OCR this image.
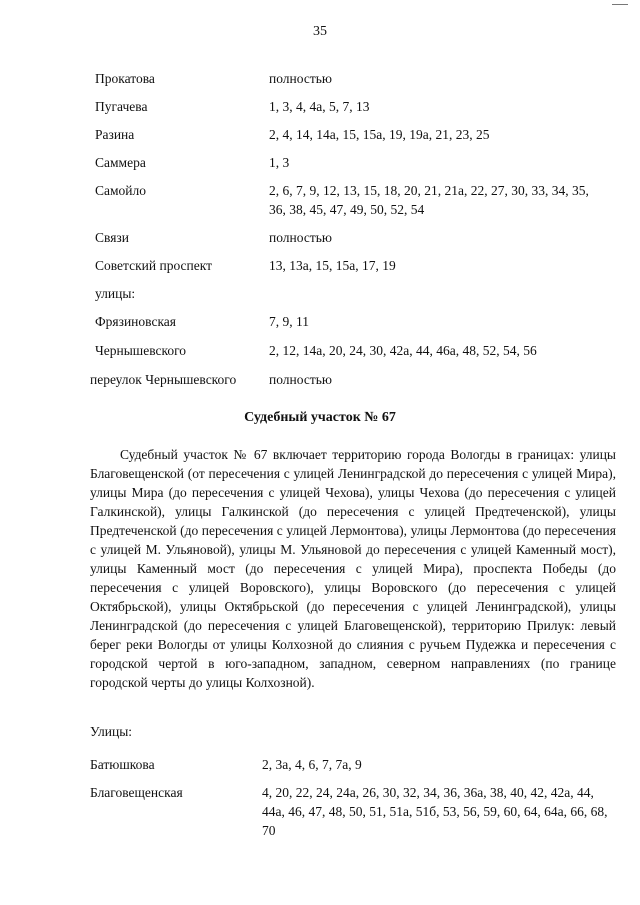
35
Прокатова	полностью
Пугачева	1, 3, 4, 4а, 5, 7, 13
Разина	2, 4, 14, 14а, 15, 15а, 19, 19а, 21, 23, 25
Саммера	1, 3
Самойло	2, 6, 7, 9, 12, 13, 15, 18, 20, 21, 21а, 22, 27, 30, 33, 34, 35, 36, 38, 45, 47, 49, 50, 52, 54
Связи	полностью
Советский проспект	13, 13а, 15, 15а, 17, 19
улицы:
Фрязиновская	7, 9, 11
Чернышевского	2, 12, 14а, 20, 24, 30, 42а, 44, 46а, 48, 52, 54, 56
переулок Чернышевского полностью
Судебный участок № 67

Судебный участок № 67 включает территорию города Вологды в границах: улицы Благовещенской (от пересечения с улицей Ленинградской до пересечения с улицей Мира), улицы Мира (до пересечения с улицей Чехова), улицы Чехова (до пересечения с улицей Галкинской), улицы Галкинской (до пересечения с улицей Предтеченской), улицы Предтеченской (до пересечения с улицей Лермонтова), улицы Лермонтова (до пересечения с улицей М. Ульяновой), улицы М. Ульяновой до пересечения с улицей Каменный мост), улицы Каменный мост (до пересечения с улицей Мира), проспекта Победы (до пересечения с улицей Воровского), улицы Воровского (до пересечения с улицей Октябрьской), улицы Октябрьской (до пересечения с улицей Ленинградской), улицы Ленинградской (до пересечения с улицей Благовещенской), территорию Прилук: левый берег реки Вологды от улицы Колхозной до слияния с ручьем Пудежка и пересечения с городской чертой в юго-западном, западном, северном направлениях (по границе городской черты до улицы Колхозной).

Улицы:
Батюшкова	2, 3а, 4, 6, 7, 7а, 9
Благовещенская	4, 20, 22, 24, 24а, 26, 30, 32, 34, 36, 36а, 38, 40, 42, 42а, 44, 44а, 46, 47, 48, 50, 51, 51а, 51б, 53, 56, 59, 60, 64, 64а, 66, 68, 70
